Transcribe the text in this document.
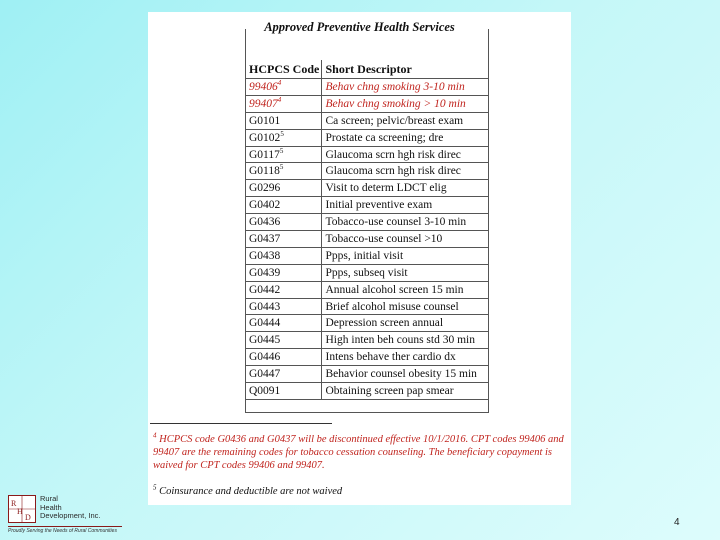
Approved Preventive Health Services
HCPCS Code	Short Descriptor
99406$^4$	Behav chng smoking 3-10 min
99407$^4$	Behav chng smoking > 10 min
G0101	Ca screen; pelvic/breast exam
G0102$^5$	Prostate ca screening; dre
G0117$^5$	Glaucoma scrn hgh risk direc
G0118$^5$	Glaucoma scrn hgh risk direc
G0296	Visit to determ LDCT elig
G0402	Initial preventive exam
G0436	Tobacco-use counsel 3-10 min
G0437	Tobacco-use counsel >10
G0438	Ppps, initial visit
G0439	Ppps, subseq visit
G0442	Annual alcohol screen 15 min
G0443	Brief alcohol misuse counsel
G0444	Depression screen annual
G0445	High inten beh couns std 30 min
G0446	Intens behave ther cardio dx
G0447	Behavior counsel obesity 15 min
Q0091	Obtaining screen pap smear
$^4$ HCPCS code G0436 and G0437 will be discontinued effective 10/1/2016. CPT codes 99406 and 99407 are the remaining codes for tobacco cessation counseling. The beneficiary copayment is waived for CPT codes 99406 and 99407.
$^5$ Coinsurance and deductible are not waived
R
H
D
Rural
Health
Development, Inc.
Proudly Serving the Needs of Rural Communities
4
